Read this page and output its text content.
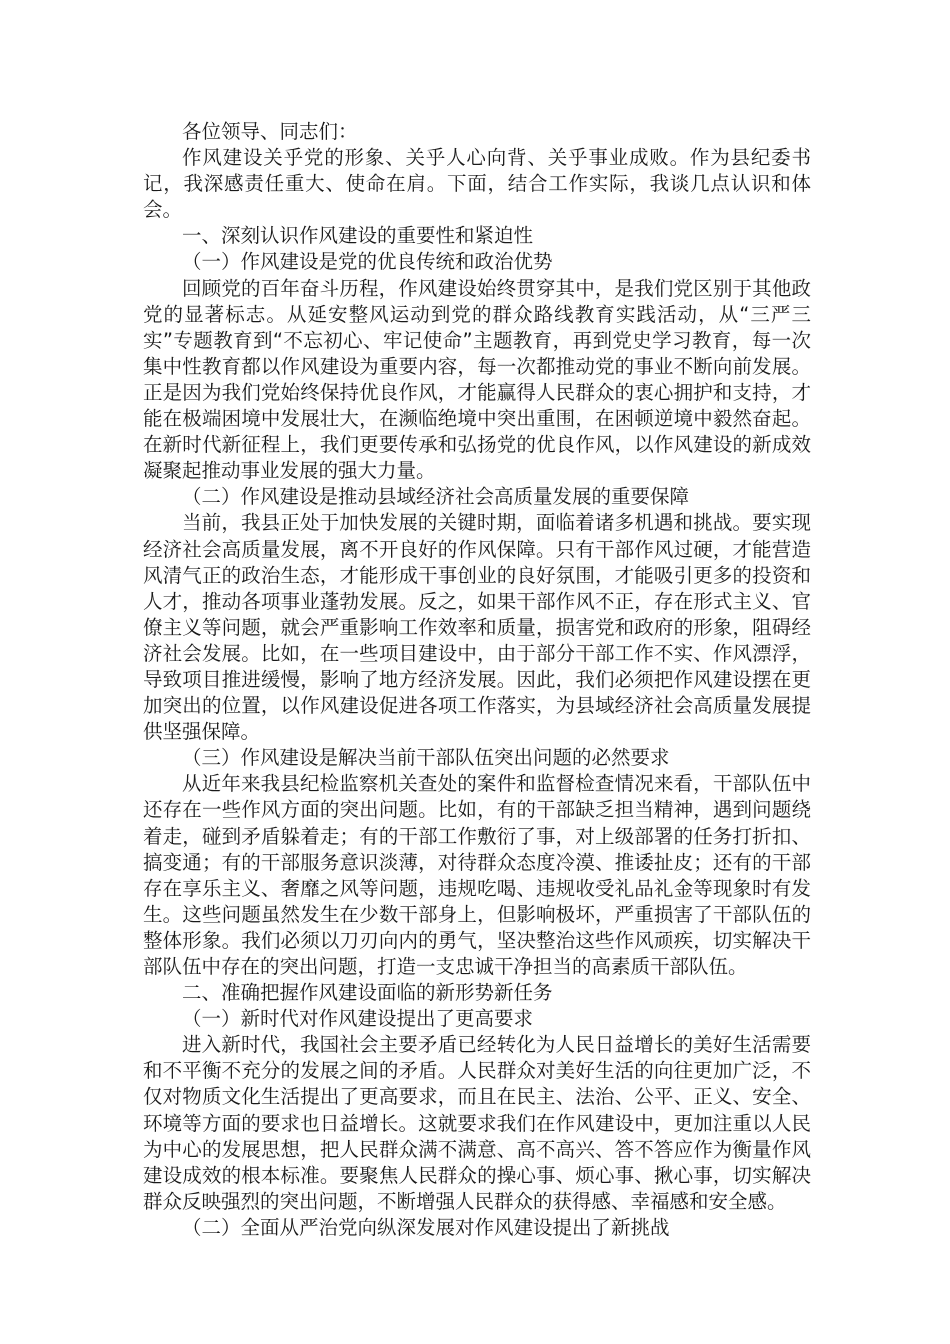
各位领导、同志们：

作风建设关乎党的形象、关乎人心向背、关乎事业成败。作为县纪委书记，我深感责任重大、使命在肩。下面，结合工作实际，我谈几点认识和体会。

一、深刻认识作风建设的重要性和紧迫性

（一）作风建设是党的优良传统和政治优势

回顾党的百年奋斗历程，作风建设始终贯穿其中，是我们党区别于其他政党的显著标志。从延安整风运动到党的群众路线教育实践活动，从“三严三实”专题教育到“不忘初心、牢记使命”主题教育，再到党史学习教育，每一次集中性教育都以作风建设为重要内容，每一次都推动党的事业不断向前发展。正是因为我们党始终保持优良作风，才能赢得人民群众的衷心拥护和支持，才能在极端困境中发展壮大，在濒临绝境中突出重围，在困顿逆境中毅然奋起。在新时代新征程上，我们更要传承和弘扬党的优良作风，以作风建设的新成效凝聚起推动事业发展的强大力量。

（二）作风建设是推动县域经济社会高质量发展的重要保障

当前，我县正处于加快发展的关键时期，面临着诸多机遇和挑战。要实现经济社会高质量发展，离不开良好的作风保障。只有干部作风过硬，才能营造风清气正的政治生态，才能形成干事创业的良好氛围，才能吸引更多的投资和人才，推动各项事业蓬勃发展。反之，如果干部作风不正，存在形式主义、官僚主义等问题，就会严重影响工作效率和质量，损害党和政府的形象，阻碍经济社会发展。比如，在一些项目建设中，由于部分干部工作不实、作风漂浮，导致项目推进缓慢，影响了地方经济发展。因此，我们必须把作风建设摆在更加突出的位置，以作风建设促进各项工作落实，为县域经济社会高质量发展提供坚强保障。

（三）作风建设是解决当前干部队伍突出问题的必然要求

从近年来我县纪检监察机关查处的案件和监督检查情况来看，干部队伍中还存在一些作风方面的突出问题。比如，有的干部缺乏担当精神，遇到问题绕着走，碰到矛盾躲着走；有的干部工作敷衍了事，对上级部署的任务打折扣、搞变通；有的干部服务意识淡薄，对待群众态度冷漠、推诿扯皮；还有的干部存在享乐主义、奢靡之风等问题，违规吃喝、违规收受礼品礼金等现象时有发生。这些问题虽然发生在少数干部身上，但影响极坏，严重损害了干部队伍的整体形象。我们必须以刀刃向内的勇气，坚决整治这些作风顽疾，切实解决干部队伍中存在的突出问题，打造一支忠诚干净担当的高素质干部队伍。

二、准确把握作风建设面临的新形势新任务

（一）新时代对作风建设提出了更高要求

进入新时代，我国社会主要矛盾已经转化为人民日益增长的美好生活需要和不平衡不充分的发展之间的矛盾。人民群众对美好生活的向往更加广泛，不仅对物质文化生活提出了更高要求，而且在民主、法治、公平、正义、安全、环境等方面的要求也日益增长。这就要求我们在作风建设中，更加注重以人民为中心的发展思想，把人民群众满不满意、高不高兴、答不答应作为衡量作风建设成效的根本标准。要聚焦人民群众的操心事、烦心事、揪心事，切实解决群众反映强烈的突出问题，不断增强人民群众的获得感、幸福感和安全感。

（二）全面从严治党向纵深发展对作风建设提出了新挑战
